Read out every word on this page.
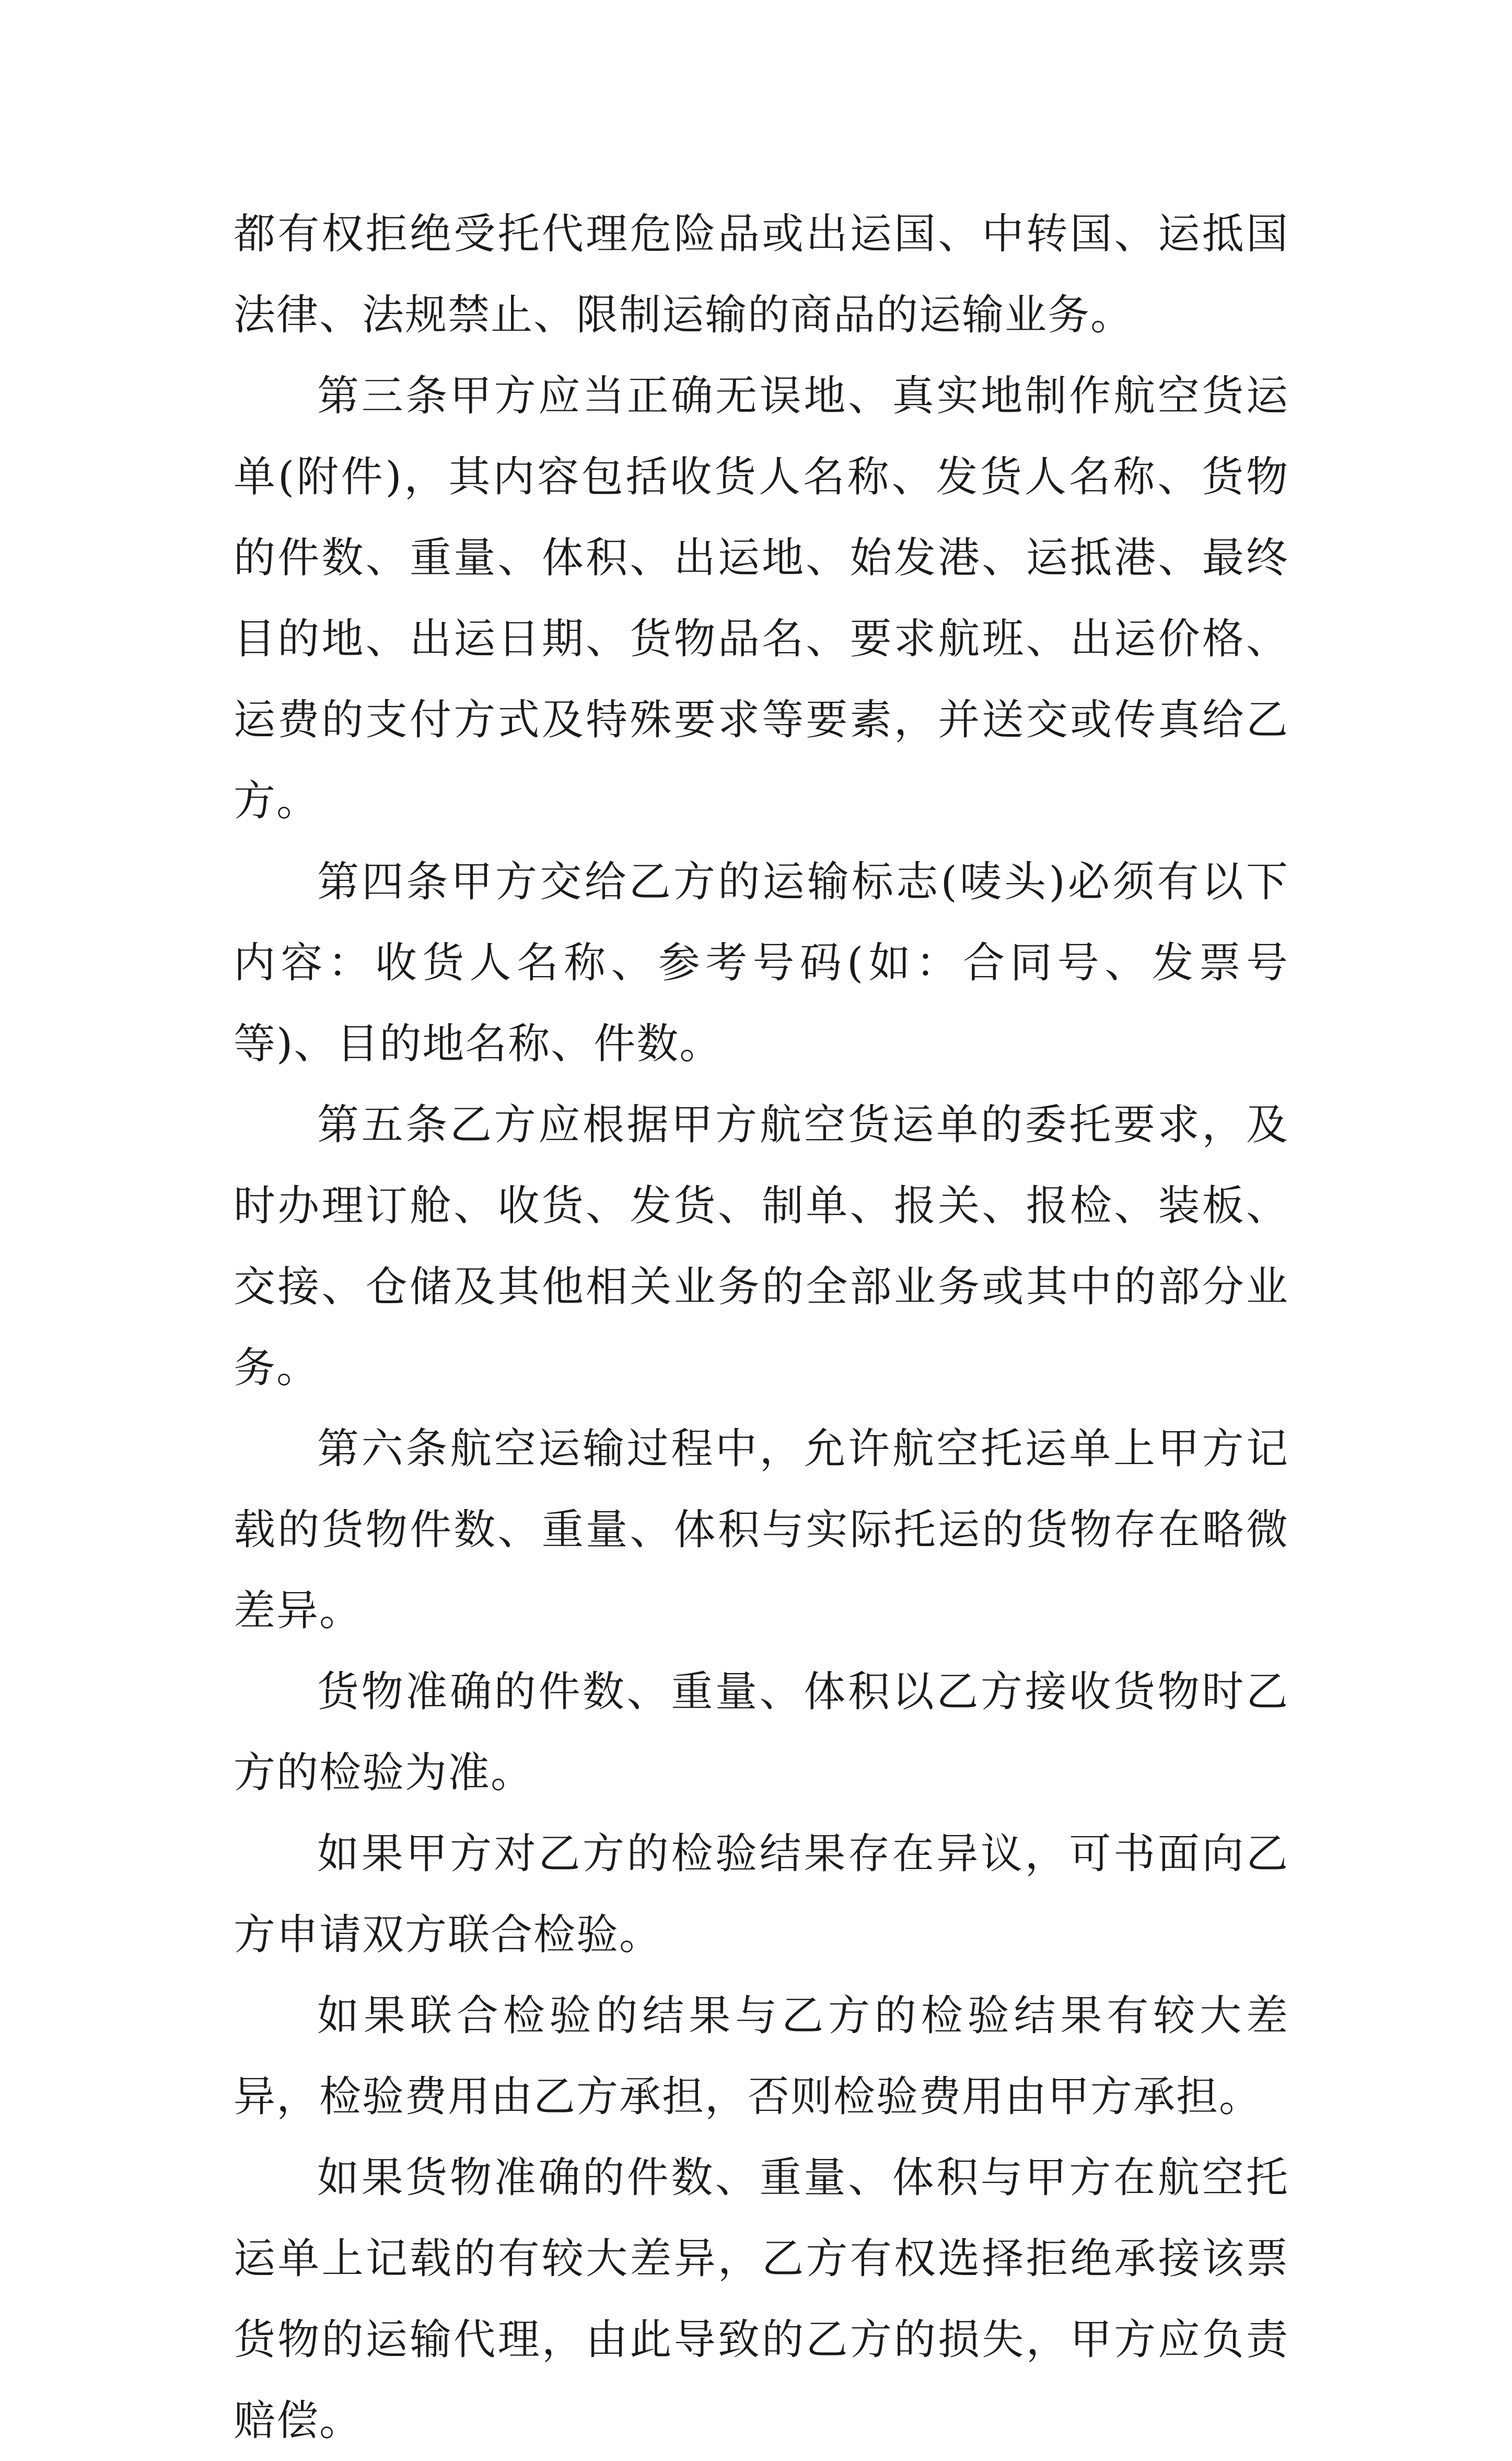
都有权拒绝受托代理危险品或出运国、中转国、运抵国法律、法规禁止、限制运输的商品的运输业务。

第三条甲方应当正确无误地、真实地制作航空货运单(附件)，其内容包括收货人名称、发货人名称、货物的件数、重量、体积、出运地、始发港、运抵港、最终目的地、出运日期、货物品名、要求航班、出运价格、运费的支付方式及特殊要求等要素，并送交或传真给乙方。

第四条甲方交给乙方的运输标志(唛头)必须有以下内容：收货人名称、参考号码(如：合同号、发票号等)、目的地名称、件数。

第五条乙方应根据甲方航空货运单的委托要求，及时办理订舱、收货、发货、制单、报关、报检、装板、交接、仓储及其他相关业务的全部业务或其中的部分业务。

第六条航空运输过程中，允许航空托运单上甲方记载的货物件数、重量、体积与实际托运的货物存在略微差异。

货物准确的件数、重量、体积以乙方接收货物时乙方的检验为准。

如果甲方对乙方的检验结果存在异议，可书面向乙方申请双方联合检验。

如果联合检验的结果与乙方的检验结果有较大差异，检验费用由乙方承担，否则检验费用由甲方承担。

如果货物准确的件数、重量、体积与甲方在航空托运单上记载的有较大差异，乙方有权选择拒绝承接该票货物的运输代理，由此导致的乙方的损失，甲方应负责赔偿。
